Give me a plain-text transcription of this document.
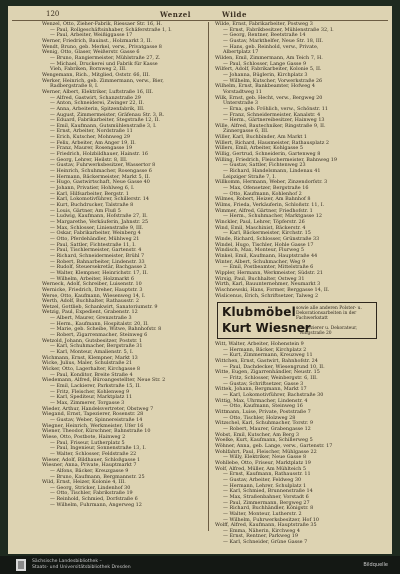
120	Wenzel	Wilde
Wenzel, Otto, Zieher-Fabrik, Riessaer Str. 16, H.
— Paul, Rollgeschäftsinhaber, Schäferstraße 1, I.
— Paul, Arbeiter, Weißiggasse 17
Werner, Friedrich, Bauinst., Holzmarkt 3, II.
Wendt, Bruno, geb. Merkel, verw., Privatgasse 8
Wenig, Otto, Glaser, Weißerstr. Gasse 6
— Bruno, Rangiermeister, Mühlstraße 27, Z.
— Michael, Druckerei und Fabrik für Kasse
Vieh, Fabriken, Bornweg 2, III.
Wengemann, Rich., Mitglied, Oststr. 66, III.
Werker, Heinrich, geb. Zimmermann, verw., Bier,
Radbergstraße 8, I.
Werner, Albert, Elektriker, Luftstraße 16, III.
— Alfred, Gastwirt, Schanzstraße 29
— Anton, Schneiderei, Zwinger 22, II.
— Anna, Arbeiterin, Spitzenfabrik, III.
— August, Zimmermeister, Gräfenau Str. 3, R.
— Eduard, Fabrikarbeiter, Stegstraße 12, II.
— Emil, Kaufmann, Gutsmühlenstraße 3, I.
— Ernst, Arbeiter, Nordstraße 11
— Erich, Kutscher, Mohnweg 29
— Felix, Arbeiter, Am Anger 19, II.
— Franz, Maurer, Rosengasse 19
— Friedrich, Holzbildhauer, Hainstr. 16
— Georg, Lehrer, Heilstr. 8, III.
— Gustav, Fuhrwerksbesitzer, Wassertor 8
— Heinrich, Schuhmacher, Rosengasse 6
— Hermann, Bäckermeister, Markt 5, II.
— Hugo, Gastwirtschaft, Neue Gasse 40
— Johann, Privatier, Hohlweg 6, I.
— Karl, Hilfsarbeiter, Bergstr. 1
— Karl, Lokomotivführer, Schillerstr. 14
— Kurt, Buchdrucker, Talstraße 8
— Louis, Gärtner, Am Fluß 5
— Ludwig, Kaufmann, Hofstraße 27, II.
— Margarethe, Verkäuferin, Jahnstr. 25
— Max, Schlosser, Linienstraße 9, III.
— Oskar, Fabrikarbeiter, Weinberg 4
— Otto, Pferdehändler, Mühlweg 21
— Paul, Sattler, Fichtestraße 11, I.
— Paul, Tischlermeister, Gartenstr. 4
— Richard, Schneidermeister, Brühl 7
— Robert, Bahnarbeiter, Lindenstr. 33
— Rudolf, Steuersekretär, Bachgasse 2
— Walter, Klempner, Heinrichstr. 17, II.
— Wilhelm, Arbeiter, Holzmarkt 6
Werneck, Adolf, Schreiber, Luisenstr. 10
Wernicke, Friedrich, Dreher, Hauptstr. 3
Werse, Otto, Kaufmann, Wiesenweg 14, I.
Werth, Adolf, Buchhalter, Rathausstr. 2
Wetzel, Gottlieb, Schankwirt, Sanatoriumstr. 9
Wetzig, Paul, Expedient, Grabenstr. 12
— Albert, Maurer, Grenzstraße 3
— Herm., Kaufmann, Hospitalstr. 20, II.
— Marie, geb. Scheibe, Witwe, Bahnhofstr. 8
— Robert, Zigarrenmacher, Steinweg 6
Wetzold, Johann, Gutsbesitzer, Poststr. 1
— Karl, Schuhmacher, Bergstraße 31
— Karl, Monteur, Amalienstr. 5, I.
Wichmann, Ernst, Klempner, Markt 13
Wicke, Julius, Maler, Schulstraße 21
Wicker, Otto, Lagerhalter, Kirchgasse 8
— Paul, Konditor, Breite Straße 4
Wiedemann, Alfred, Büroangestellter, Neue Str. 2
— Emil, Lackierer, Parkstraße 15, II.
— Fritz, Fleischer, Kohlenweg 9
— Karl, Spediteur, Marktplatz 11
— Max, Zimmerer, Torgasse 3
Wieder, Arthur, Handelsvertreter, Obstweg 7
Wiegand, Ernst, Tapezierer, Rosenstr. 28
— Gustav, Weber, Spinnereistraße 14
Wiegner, Heinrich, Werkmeister, Ufer 16
Wiener, Theodor, Kürschner, Bahnstraße 10
Wiese, Otto, Postbote, Hainweg 2
— Paul, Friseur, Lutherplatz 5
— Paul, Ingenieur, Sonnenstraße 13, I.
— Walter, Schlosser, Feldstraße 22
Wieser, Adolf, Bildhauer, Schloßgasse 1
Wiesner, Anna, Private, Hauptmarkt 7
— Alfons, Bäcker, Kreuzgasse 9
— Bruno, Kaufmann, Bergmannstr. 25
Wild, Ernst, Heizer, Kolonie 4, III.
— Georg, Stricker, Lindenhof 30
— Otto, Tischler, Fabrikstraße 19
— Reinhold, Schmied, Dorfstraße 6
— Wilhelm, Fuhrmann, Angerweg 12
Wilde, Ernst, Fabrikarbeiter, Postweg 3
— Ernst, Fabrikbesitzer, Mühlenstraße 32, I.
— Georg, Rentner, Beetstraße 14
— Gustav, Markthelfer, Neue Str. 18, III.
— Hans, geb. Reinhold, verw., Private,
Albertplatz 17
Wilden, Emil, Zimmermann, Am Teich 7, H.
— Paul, Schlosser, Lange Gasse 9
Wilfert, Adolf, Fabrikarbeiter, Kolonie 5, II.
— Johanna, Büglerin, Kirchplatz 3
— Wilhelm, Kutscher, Vorwerkstraße 26
Wilhelm, Ernst, Bankbeamter, Hofweg 4
Vorstadtweg 11
Wilk, Ernst, geb. Hecht, verw., Bergweg 20
Unterstraße 3
— Erna, geb. Fröhlich, verw., Schönstr. 11
— Franz, Schneidermeister, Kanalstr. 4
— Herm., Gärtnereibesitzer, Hainweg 13
Wille, Alfred, Bautechniker, Ringstraße 9, II.
Zinnergasse 6, III.
Willer, Karl, Buchbinder, Am Markt 1
Willert, Richard, Hausmeister, Rathausplatz 2
Willers, Emil, Arbeiter, Kohlgasse 5
Willig, Gertrud, Schneiderin, Gartenweg 8
Willing, Friedrich, Fleischermeister, Bahnweg 19
— Gustav, Sattler, Fichtenweg 23
— Richard, Handelsmann, Lindenau 41
Leipziger Straße 7, I.
Willkomm, Hermann, Weber, Zinzendorfstr. 3
— Max, Ofensetzer, Bergstraße 16
— Otto, Kaufmann, Kohlenhof 2
Wilmes, Robert, Heizer, Am Bahnhof 8
Wilms, Frieda, Verkäuferin, Schloßstr. 11, I.
Wimmer, Alfred, Gärtner, Friedhofstr. 1
— Herm., Schuhmacher, Marktgasse 12
Winckler, Paul, Lehrer, Töpferstr. 26
Wind, Emil, Maschinist, Bäckerstr. 4
— Karl, Bäckermeister, Kirchstr. 15
Winde, Richard, Schlosser, Grünstraße 33
Windel, Hugo, Tischler, Hohle Gasse 17
Windisch, Max, Monteur, Flurweg 5
Winkel, Emil, Kaufmann, Hauptstraße 44
Winter, Albert, Schuhmacher, Weg 9
— Emil, Postbeamter, Mittelstraße 6
Wippler, Hermann, Werkmeister, Südstr. 21
Wirsig, Paul, Buchhalter, Ostweg 31
Wirth, Karl, Bauunternehmer, Neumarkt 3
Wischnewski, Hans, Former, Berggasse 14, II.
Wislicenus, Erich, Schriftsetzer, Talweg 2
Klubmöbel
Kurt Wiesner
sowie alle anderen Polster- u. Dekorationsarbeiten in der Fachwerkstatt
Tapezierer u. Dekorateur, Ringstraße 20
Witt, Walter, Arbeiter, Hohenstein 9
— Hermann, Bäcker, Kirchplatz 2
— Kurt, Zimmermann, Kreuzweg 11
Wittchen, Ernst, Gastwirt, Bahnhofstr. 24
— Paul, Dachdecker, Wiesengrund 10, II.
Witte, Eugen, Zigarrenhändler, Neustr. 15
— Fritz, Schlosser, Weinbergstr. 6, III.
— Gustav, Schriftsetzer, Gasse 3
Wittek, Johann, Bergmann, Markt 17
— Karl, Lokomotivführer, Bachstraße 30
Wittig, Max, Uhrmacher, Lindenstr. 4
— Otto, Kaufmann, Steinweg 16
Wittmann, Luise, Private, Poststraße 7
— Otto, Tischler, Holzweg 28
Witzschel, Karl, Schuhmacher, Torstr. 9
— Robert, Maurer, Grabengasse 12
Wobst, Emil, Kutscher, Am Berg 3
Woelke, Kurt, Kaufmann, Schillerweg 5
Wöhner, Anna, geb. Lange, verw., Gartenstr. 17
Wohlfahrt, Paul, Fleischer, Mühlgasse 22
— Willy, Elektriker, Neue Gasse 8
Wohllebe, Otto, Friseur, Marktplatz 19
Wolf, Alfred, Müller, Am Mühlteich 5
— Ernst, Kaufmann, Rathausstr. 11
— Gustav, Arbeiter, Feldweg 30
— Hermann, Lehrer, Schulplatz 1
— Karl, Schmied, Brunnenstraße 14
— Max, Straßenbahner, Vorstadt 6
— Paul, Zimmermann, Bergweg 27
— Richard, Buchhändler, Königstr. 8
— Walter, Monteur, Lutherstr. 2
— Wilhelm, Fuhrwerksbesitzer, Hof 10
Wolff, Alfred, Kaufmann, Hauptstraße 35
— Emma, Näherin, Kirchweg 4
— Ernst, Rentner, Parkweg 19
— Karl, Schneider, Grüne Gasse 7
Sächsische Landesbibliothek –
Staats- und Universitätsbibliothek Dresden	Bildquelle
